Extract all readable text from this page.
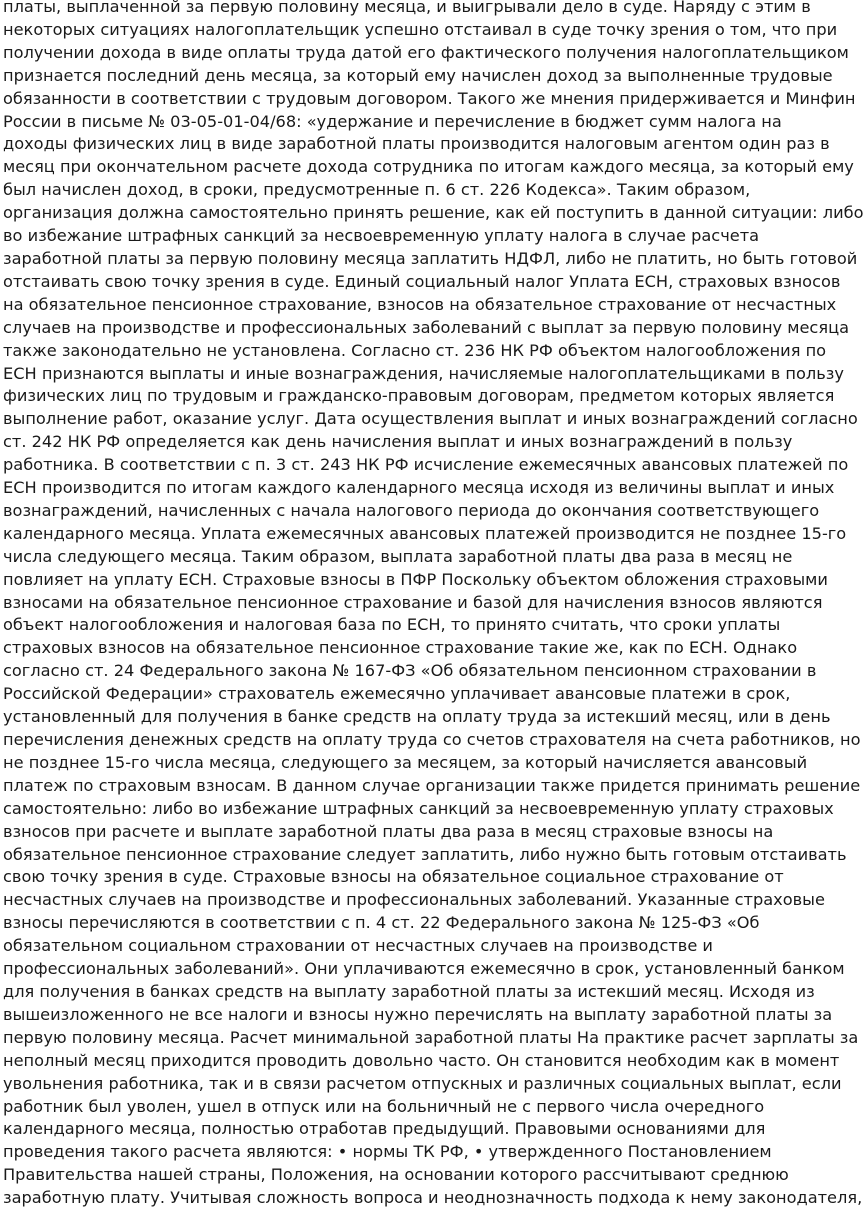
платы, выплаченной за первую половину месяца, и выигрывали дело в суде. Наряду с этим в
некоторых ситуациях налогоплательщик успешно отстаивал в суде точку зрения о том, что при
получении дохода в виде оплаты труда датой его фактического получения налогоплательщиком
признается последний день месяца, за который ему начислен доход за выполненные трудовые
обязанности в соответствии с трудовым договором. Такого же мнения придерживается и Минфин
России в письме № 03-05-01-04/68: «удержание и перечисление в бюджет сумм налога на
доходы физических лиц в виде заработной платы производится налоговым агентом один раз в
месяц при окончательном расчете дохода сотрудника по итогам каждого месяца, за который ему
был начислен доход, в сроки, предусмотренные п. 6 ст. 226 Кодекса». Таким образом,
организация должна самостоятельно принять решение, как ей поступить в данной ситуации: либо
во избежание штрафных санкций за несвоевременную уплату налога в случае расчета
заработной платы за первую половину месяца заплатить НДФЛ, либо не платить, но быть готовой
отстаивать свою точку зрения в суде. Единый социальный налог Уплата ЕСН, страховых взносов
на обязательное пенсионное страхование, взносов на обязательное страхование от несчастных
случаев на производстве и профессиональных заболеваний с выплат за первую половину месяца
также законодательно не установлена. Согласно ст. 236 НК РФ объектом налогообложения по
ЕСН признаются выплаты и иные вознаграждения, начисляемые налогоплательщиками в пользу
физических лиц по трудовым и гражданско-правовым договорам, предметом которых является
выполнение работ, оказание услуг. Дата осуществления выплат и иных вознаграждений согласно
ст. 242 НК РФ определяется как день начисления выплат и иных вознаграждений в пользу
работника. В соответствии с п. 3 ст. 243 НК РФ исчисление ежемесячных авансовых платежей по
ЕСН производится по итогам каждого календарного месяца исходя из величины выплат и иных
вознаграждений, начисленных с начала налогового периода до окончания соответствующего
календарного месяца. Уплата ежемесячных авансовых платежей производится не позднее 15-го
числа следующего месяца. Таким образом, выплата заработной платы два раза в месяц не
повлияет на уплату ЕСН. Страховые взносы в ПФР Поскольку объектом обложения страховыми
взносами на обязательное пенсионное страхование и базой для начисления взносов являются
объект налогообложения и налоговая база по ЕСН, то принято считать, что сроки уплаты
страховых взносов на обязательное пенсионное страхование такие же, как по ЕСН. Однако
согласно ст. 24 Федерального закона № 167-ФЗ «Об обязательном пенсионном страховании в
Российской Федерации» страхователь ежемесячно уплачивает авансовые платежи в срок,
установленный для получения в банке средств на оплату труда за истекший месяц, или в день
перечисления денежных средств на оплату труда со счетов страхователя на счета работников, но
не позднее 15-го числа месяца, следующего за месяцем, за который начисляется авансовый
платеж по страховым взносам. В данном случае организации также придется принимать решение
самостоятельно: либо во избежание штрафных санкций за несвоевременную уплату страховых
взносов при расчете и выплате заработной платы два раза в месяц страховые взносы на
обязательное пенсионное страхование следует заплатить, либо нужно быть готовым отстаивать
свою точку зрения в суде. Страховые взносы на обязательное социальное страхование от
несчастных случаев на производстве и профессиональных заболеваний. Указанные страховые
взносы перечисляются в соответствии с п. 4 ст. 22 Федерального закона № 125-ФЗ «Об
обязательном социальном страховании от несчастных случаев на производстве и
профессиональных заболеваний». Они уплачиваются ежемесячно в срок, установленный банком
для получения в банках средств на выплату заработной платы за истекший месяц. Исходя из
вышеизложенного не все налоги и взносы нужно перечислять на выплату заработной платы за
первую половину месяца. Расчет минимальной заработной платы На практике расчет зарплаты за
неполный месяц приходится проводить довольно часто. Он становится необходим как в момент
увольнения работника, так и в связи расчетом отпускных и различных социальных выплат, если
работник был уволен, ушел в отпуск или на больничный не с первого числа очередного
календарного месяца, полностью отработав предыдущий. Правовыми основаниями для
проведения такого расчета являются: • нормы ТК РФ, • утвержденного Постановлением
Правительства нашей страны, Положения, на основании которого рассчитывают среднюю
заработную плату. Учитывая сложность вопроса и неоднозначность подхода к нему законодателя,
